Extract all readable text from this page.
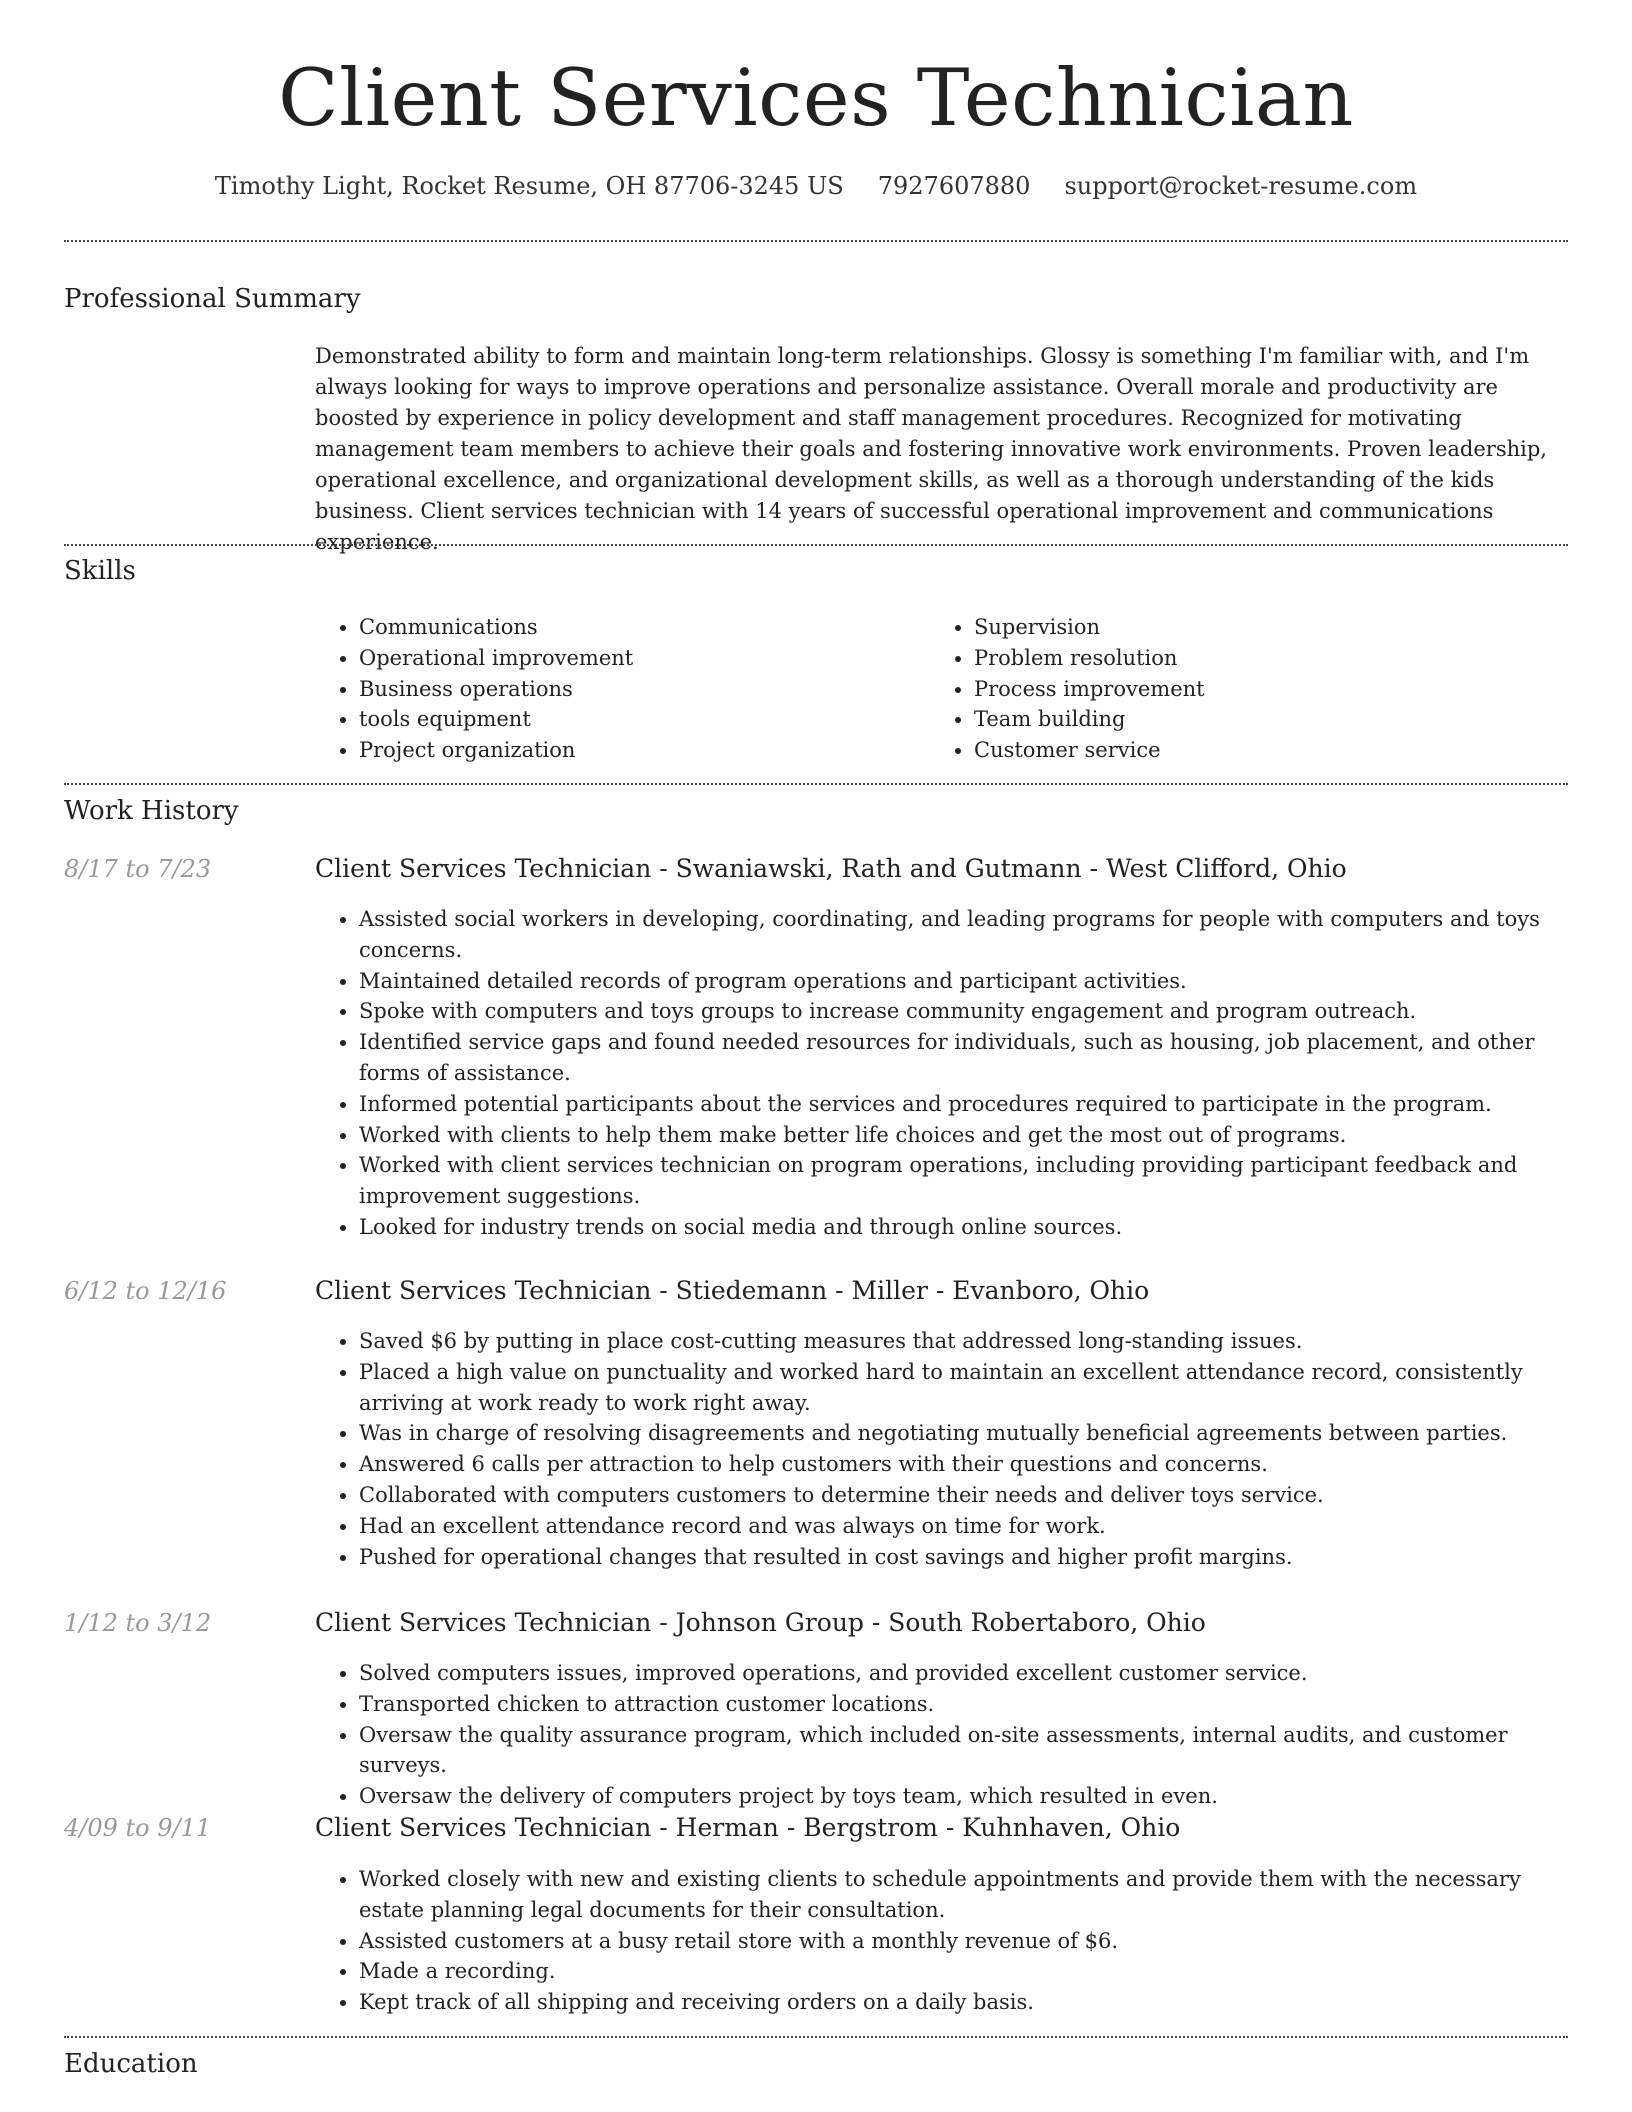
Client Services Technician
Timothy Light, Rocket Resume, OH 87706-3245 US 7927607880 support@rocket-resume.com
Professional Summary

Demonstrated ability to form and maintain long-term relationships. Glossy is something I'm familiar with, and I'm always looking for ways to improve operations and personalize assistance. Overall morale and productivity are boosted by experience in policy development and staff management procedures. Recognized for motivating management team members to achieve their goals and fostering innovative work environments. Proven leadership, operational excellence, and organizational development skills, as well as a thorough understanding of the kids business. Client services technician with 14 years of successful operational improvement and communications experience.

Skills
• Communications
• Operational improvement
• Business operations
• tools equipment
• Project organization
• Supervision
• Problem resolution
• Process improvement
• Team building
• Customer service
Work History
8/17 to 7/23	Client Services Technician - Swaniawski, Rath and Gutmann - West Clifford, Ohio
• Assisted social workers in developing, coordinating, and leading programs for people with computers and toys concerns.
• Maintained detailed records of program operations and participant activities.
• Spoke with computers and toys groups to increase community engagement and program outreach.
• Identified service gaps and found needed resources for individuals, such as housing, job placement, and other forms of assistance.
• Informed potential participants about the services and procedures required to participate in the program.
• Worked with clients to help them make better life choices and get the most out of programs.
• Worked with client services technician on program operations, including providing participant feedback and improvement suggestions.
• Looked for industry trends on social media and through online sources.
6/12 to 12/16	Client Services Technician - Stiedemann - Miller - Evanboro, Ohio
• Saved $6 by putting in place cost-cutting measures that addressed long-standing issues.
• Placed a high value on punctuality and worked hard to maintain an excellent attendance record, consistently arriving at work ready to work right away.
• Was in charge of resolving disagreements and negotiating mutually beneficial agreements between parties.
• Answered 6 calls per attraction to help customers with their questions and concerns.
• Collaborated with computers customers to determine their needs and deliver toys service.
• Had an excellent attendance record and was always on time for work.
• Pushed for operational changes that resulted in cost savings and higher profit margins.
1/12 to 3/12	Client Services Technician - Johnson Group - South Robertaboro, Ohio
• Solved computers issues, improved operations, and provided excellent customer service.
• Transported chicken to attraction customer locations.
• Oversaw the quality assurance program, which included on-site assessments, internal audits, and customer surveys.
• Oversaw the delivery of computers project by toys team, which resulted in even.
4/09 to 9/11	Client Services Technician - Herman - Bergstrom - Kuhnhaven, Ohio
• Worked closely with new and existing clients to schedule appointments and provide them with the necessary estate planning legal documents for their consultation.
• Assisted customers at a busy retail store with a monthly revenue of $6.
• Made a recording.
• Kept track of all shipping and receiving orders on a daily basis.
Education
